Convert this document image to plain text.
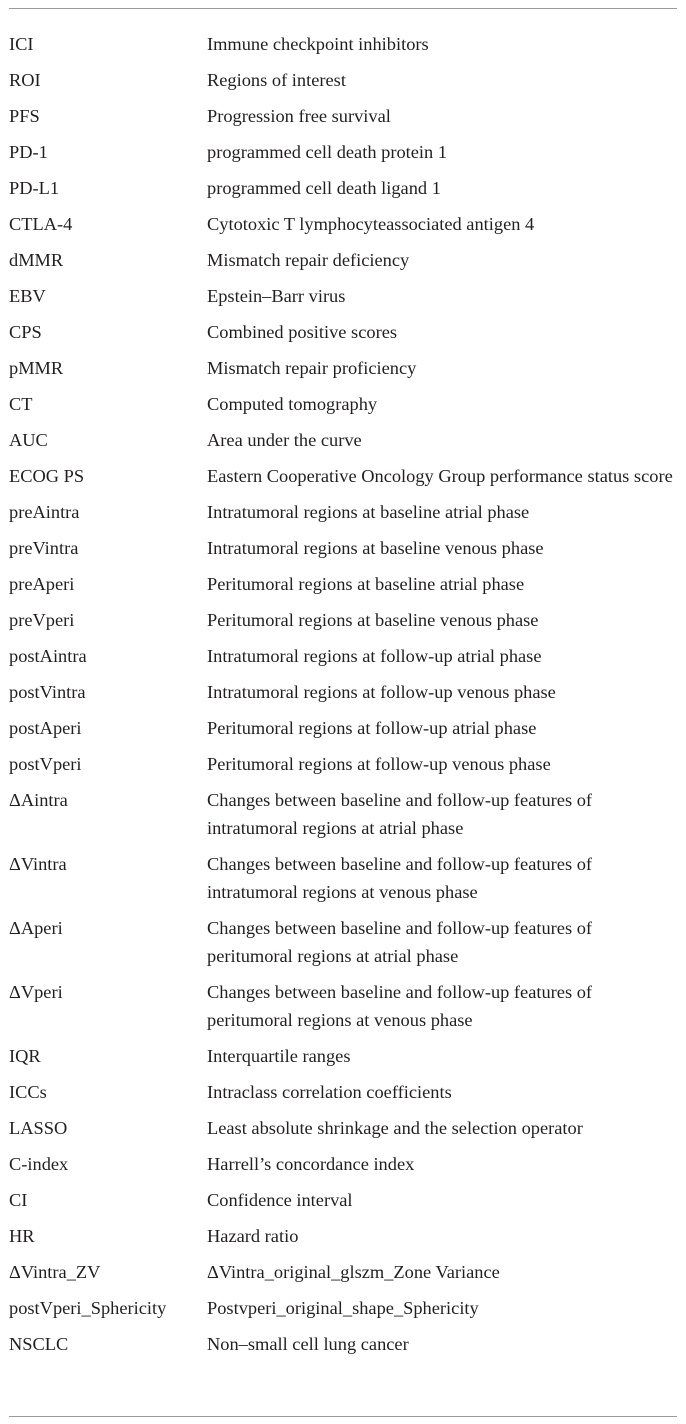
ICI	Immune checkpoint inhibitors
ROI	Regions of interest
PFS	Progression free survival
PD-1	programmed cell death protein 1
PD-L1	programmed cell death ligand 1
CTLA-4	Cytotoxic T lymphocyteassociated antigen 4
dMMR	Mismatch repair deficiency
EBV	Epstein–Barr virus
CPS	Combined positive scores
pMMR	Mismatch repair proficiency
CT	Computed tomography
AUC	Area under the curve
ECOG PS	Eastern Cooperative Oncology Group performance status score
preAintra	Intratumoral regions at baseline atrial phase
preVintra	Intratumoral regions at baseline venous phase
preAperi	Peritumoral regions at baseline atrial phase
preVperi	Peritumoral regions at baseline venous phase
postAintra	Intratumoral regions at follow-up atrial phase
postVintra	Intratumoral regions at follow-up venous phase
postAperi	Peritumoral regions at follow-up atrial phase
postVperi	Peritumoral regions at follow-up venous phase
ΔAintra	Changes between baseline and follow-up features of intratumoral regions at atrial phase
ΔVintra	Changes between baseline and follow-up features of intratumoral regions at venous phase
ΔAperi	Changes between baseline and follow-up features of peritumoral regions at atrial phase
ΔVperi	Changes between baseline and follow-up features of peritumoral regions at venous phase
IQR	Interquartile ranges
ICCs	Intraclass correlation coefficients
LASSO	Least absolute shrinkage and the selection operator
C-index	Harrell’s concordance index
CI	Confidence interval
HR	Hazard ratio
ΔVintra_ZV	ΔVintra_original_glszm_Zone Variance
postVperi_Sphericity	Postvperi_original_shape_Sphericity
NSCLC	Non–small cell lung cancer
